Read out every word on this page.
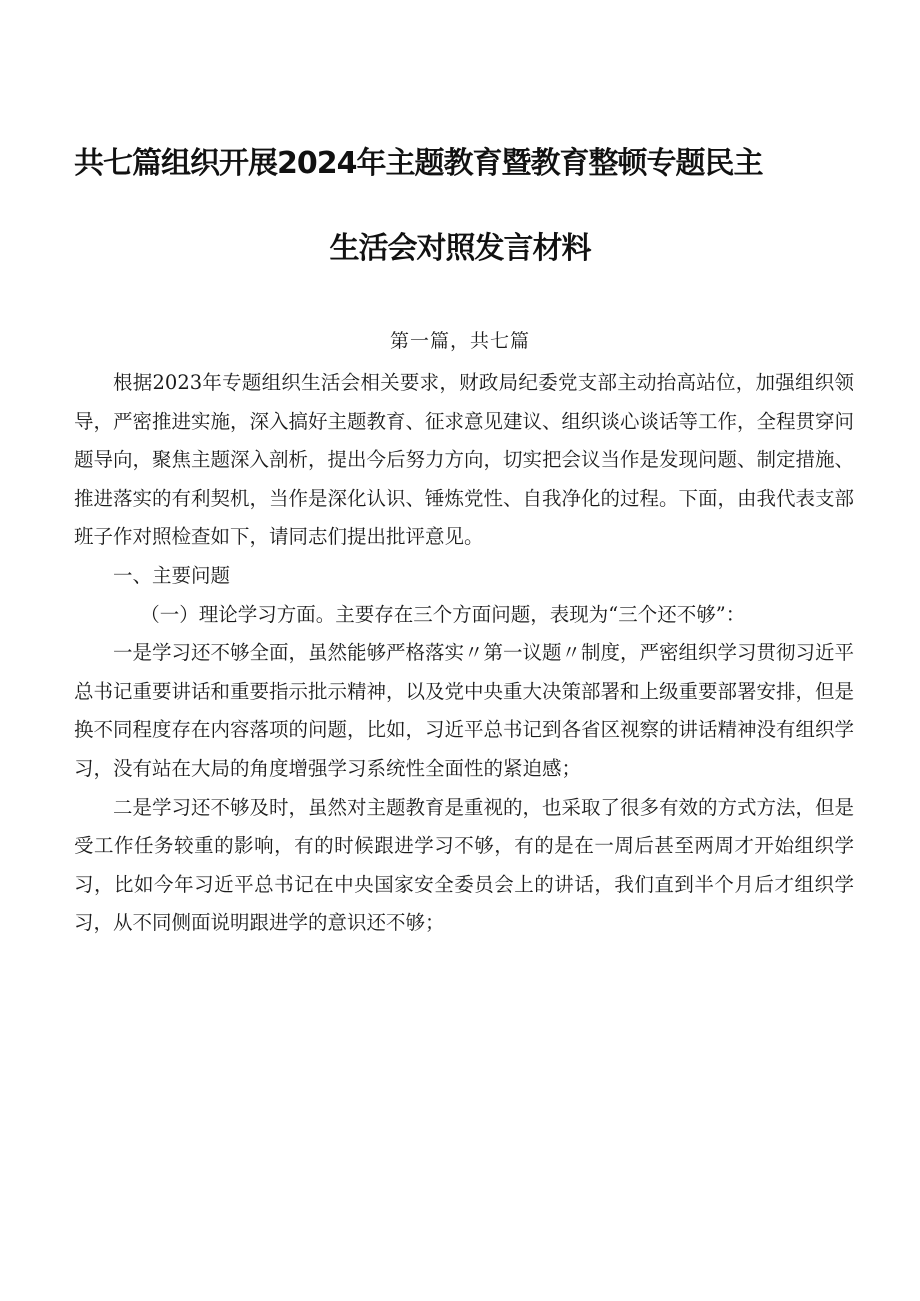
共七篇组织开展2024年主题教育暨教育整顿专题民主
生活会对照发言材料
第一篇，共七篇

根据2023年专题组织生活会相关要求，财政局纪委党支部主动抬高站位，加强组织领导，严密推进实施，深入搞好主题教育、征求意见建议、组织谈心谈话等工作，全程贯穿问题导向，聚焦主题深入剖析，提出今后努力方向，切实把会议当作是发现问题、制定措施、推进落实的有利契机，当作是深化认识、锤炼党性、自我净化的过程。下面，由我代表支部班子作对照检查如下，请同志们提出批评意见。

一、主要问题

（一）理论学习方面。主要存在三个方面问题，表现为“三个还不够”：

一是学习还不够全面，虽然能够严格落实〃第一议题〃制度，严密组织学习贯彻习近平总书记重要讲话和重要指示批示精神，以及党中央重大决策部署和上级重要部署安排，但是换不同程度存在内容落项的问题，比如，习近平总书记到各省区视察的讲话精神没有组织学习，没有站在大局的角度增强学习系统性全面性的紧迫感；

二是学习还不够及时，虽然对主题教育是重视的，也采取了很多有效的方式方法，但是受工作任务较重的影响，有的时候跟进学习不够，有的是在一周后甚至两周才开始组织学习，比如今年习近平总书记在中央国家安全委员会上的讲话，我们直到半个月后才组织学习，从不同侧面说明跟进学的意识还不够；
